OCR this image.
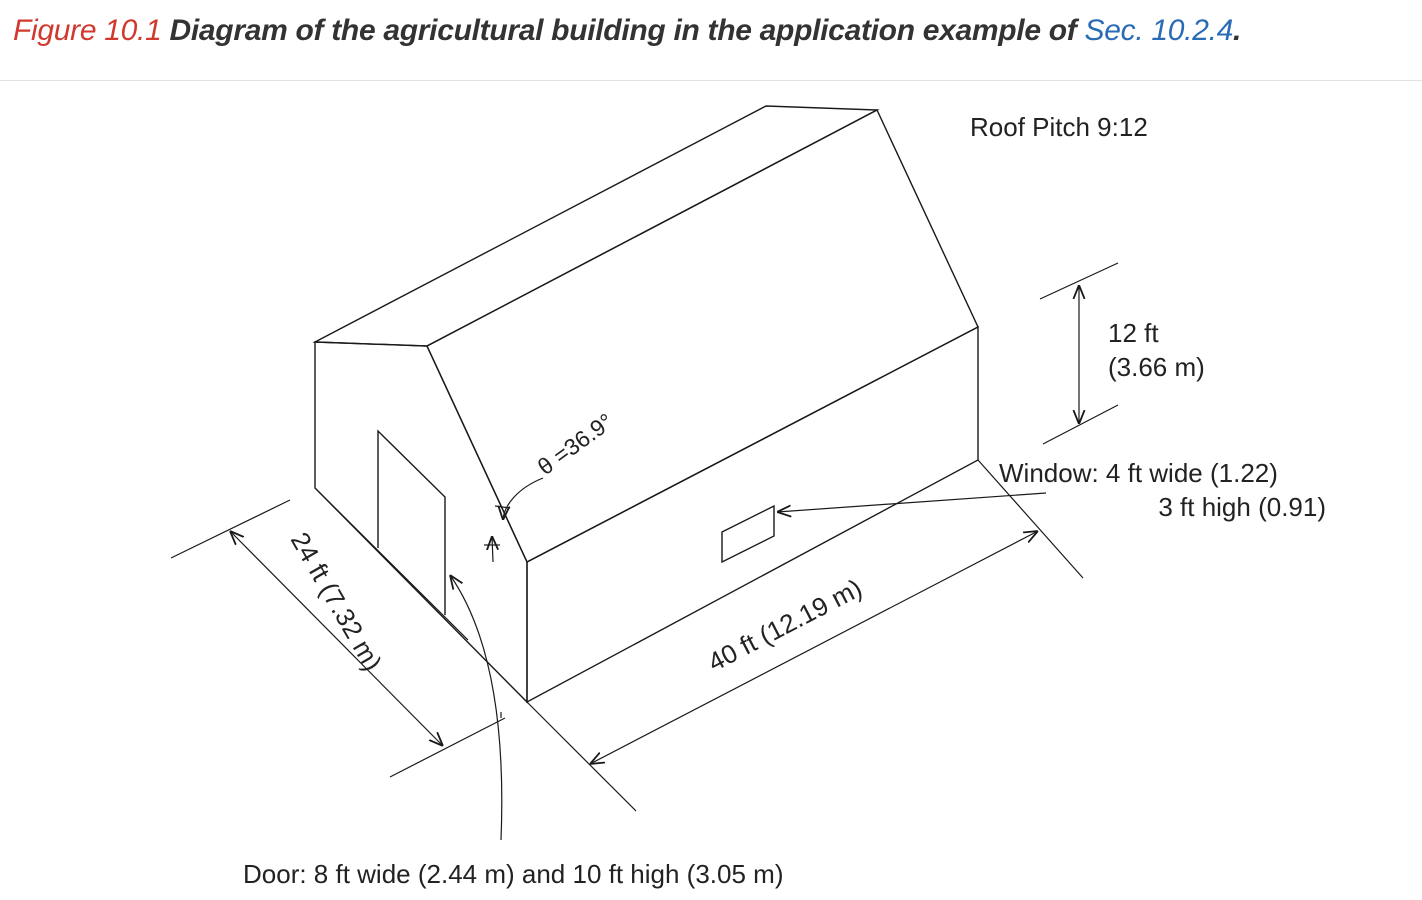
Figure 10.1 Diagram of the agricultural building in the application example of Sec. 10.2.4.
Roof Pitch 9:12
12 ft
(3.66 m)
Window: 4 ft wide (1.22)
3 ft high (0.91)
θ =36.9°
40 ft (12.19 m)
24 ft (7.32 m)
Door: 8 ft wide (2.44 m) and 10 ft high (3.05 m)
